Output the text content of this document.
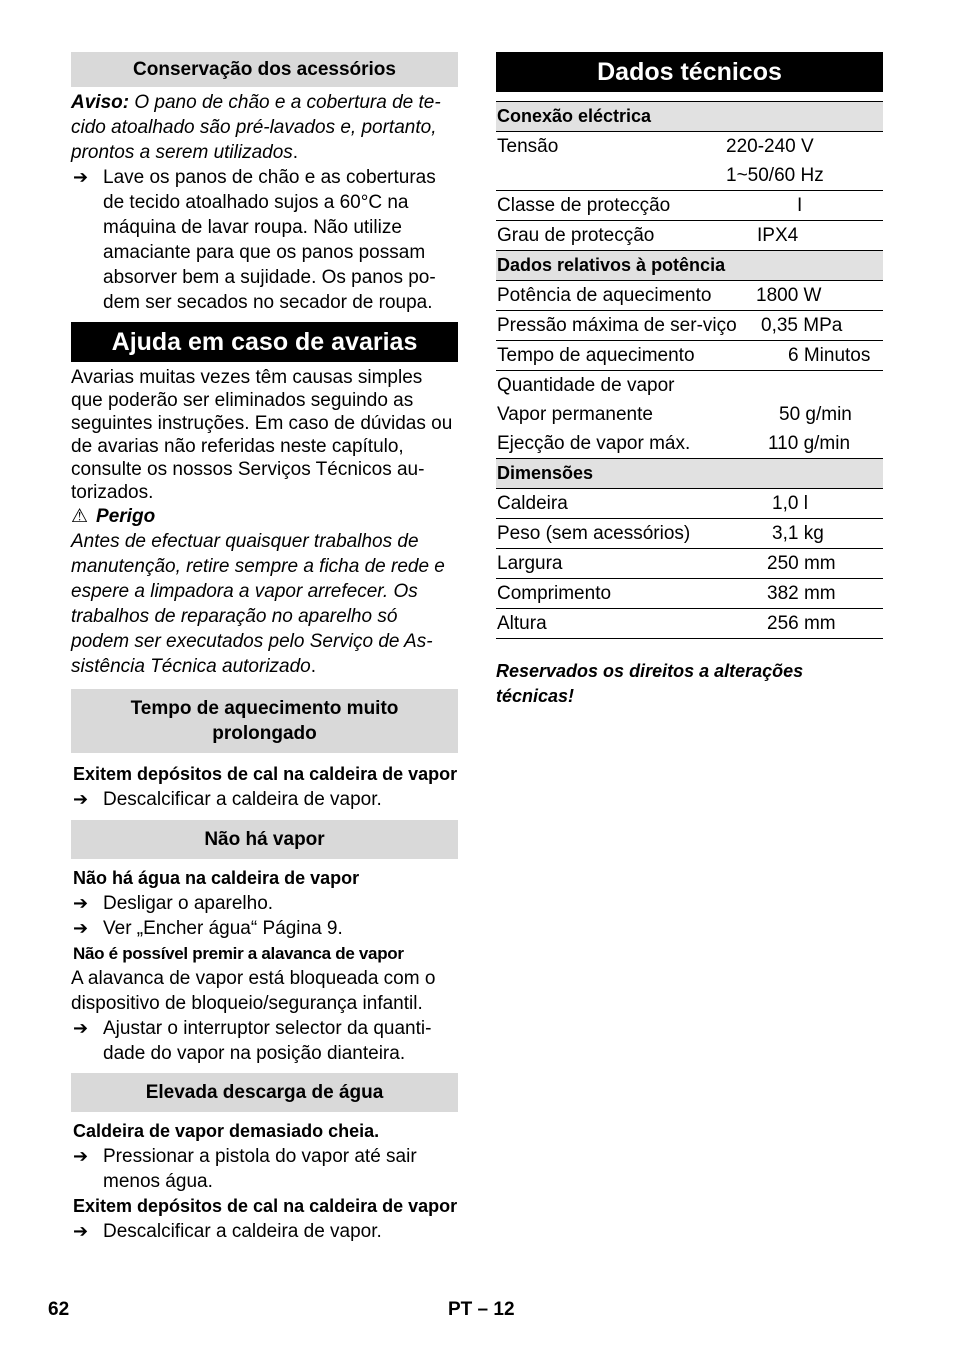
Conservação dos acessórios

Aviso: O pano de chão e a cobertura de te-cido atoalhado são pré-lavados e, portanto, prontos a serem utilizados.

➔ Lave os panos de chão e as coberturas de tecido atoalhado sujos a 60°C na máquina de lavar roupa. Não utilize amaciante para que os panos possam absorver bem a sujidade. Os panos po-dem ser secados no secador de roupa.
Ajuda em caso de avarias

Avarias muitas vezes têm causas simples que poderão ser eliminados seguindo as seguintes instruções. Em caso de dúvidas ou de avarias não referidas neste capítulo, consulte os nossos Serviços Técnicos au-torizados.

⚠ Perigo

Antes de efectuar quaisquer trabalhos de manutenção, retire sempre a ficha de rede e espere a limpadora a vapor arrefecer. Os trabalhos de reparação no aparelho só podem ser executados pelo Serviço de As-sistência Técnica autorizado.

Tempo de aquecimento muito prolongado

Exitem depósitos de cal na caldeira de vapor

➔ Descalcificar a caldeira de vapor.
Não há vapor

Não há água na caldeira de vapor

➔ Desligar o aparelho.
➔ Ver „Encher água“ Página 9.

Não é possível premir a alavanca de vapor

A alavanca de vapor está bloqueada com o dispositivo de bloqueio/segurança infantil.

➔ Ajustar o interruptor selector da quanti-dade do vapor na posição dianteira.
Elevada descarga de água

Caldeira de vapor demasiado cheia.

➔ Pressionar a pistola do vapor até sair menos água.

Exitem depósitos de cal na caldeira de vapor

➔ Descalcificar a caldeira de vapor.
Dados técnicos
Conexão eléctrica
Tensão	220-240 V
1~50/60 Hz
Classe de protecção	I
Grau de protecção	IPX4
Dados relativos à potência
Potência de aquecimento	1800 W
Pressão máxima de ser-viço	0,35 MPa
Tempo de aquecimento	6 Minutos
Quantidade de vapor
Vapor permanente	50 g/min
Ejecção de vapor máx.	110 g/min
Dimensões
Caldeira	1,0 l
Peso (sem acessórios)	3,1 kg
Largura	250 mm
Comprimento	382 mm
Altura	256 mm

Reservados os direitos a alterações técnicas!

62	PT – 12
